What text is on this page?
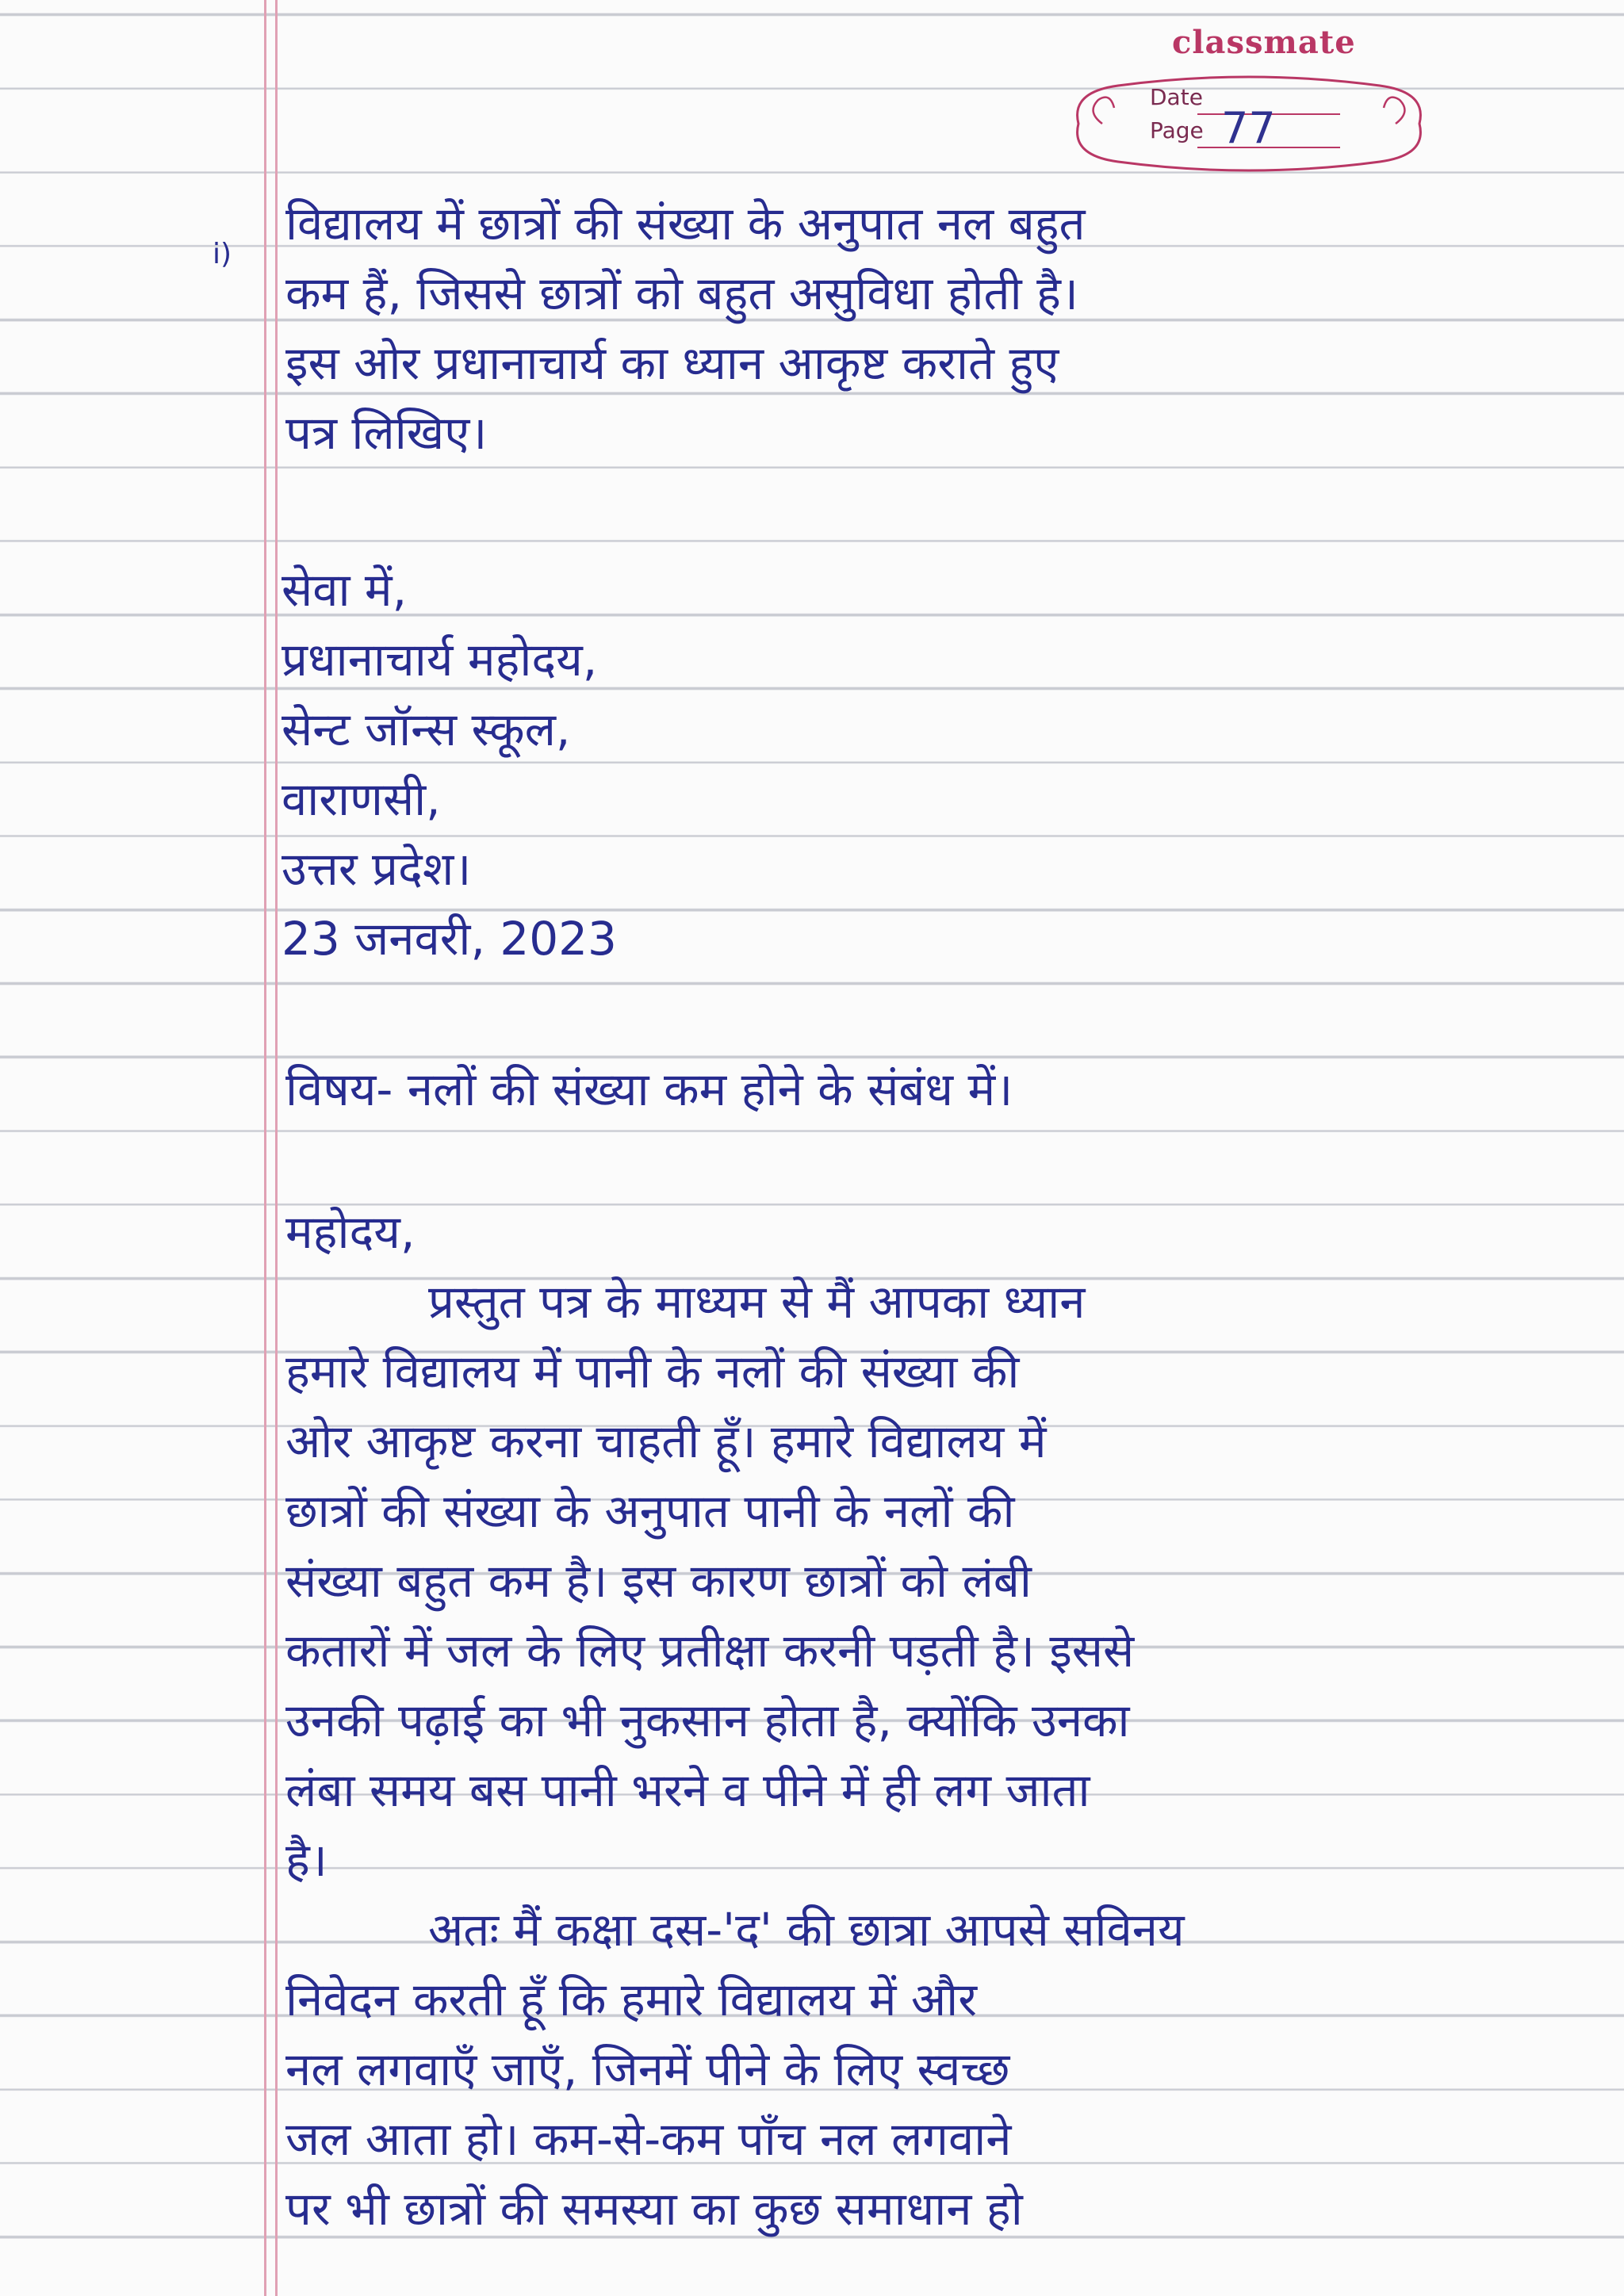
classmate
Date
Page 77
i)
विद्यालय में छात्रों की संख्या के अनुपात नल बहुत
कम हैं, जिससे छात्रों को बहुत असुविधा होती है।
इस ओर प्रधानाचार्य का ध्यान आकृष्ट कराते हुए
पत्र लिखिए।
सेवा में,
प्रधानाचार्य महोदय,
सेन्ट जॉन्स स्कूल,
वाराणसी,
उत्तर प्रदेश।
23 जनवरी, 2023
विषय- नलों की संख्या कम होने के संबंध में।
महोदय,
प्रस्तुत पत्र के माध्यम से मैं आपका ध्यान
हमारे विद्यालय में पानी के नलों की संख्या की
ओर आकृष्ट करना चाहती हूँ। हमारे विद्यालय में
छात्रों की संख्या के अनुपात पानी के नलों की
संख्या बहुत कम है। इस कारण छात्रों को लंबी
कतारों में जल के लिए प्रतीक्षा करनी पड़ती है। इससे
उनकी पढ़ाई का भी नुकसान होता है, क्योंकि उनका
लंबा समय बस पानी भरने व पीने में ही लग जाता
है।
अतः मैं कक्षा दस-'द' की छात्रा आपसे सविनय
निवेदन करती हूँ कि हमारे विद्यालय में और
नल लगवाएँ जाएँ, जिनमें पीने के लिए स्वच्छ
जल आता हो। कम-से-कम पाँच नल लगवाने
पर भी छात्रों की समस्या का कुछ समाधान हो
